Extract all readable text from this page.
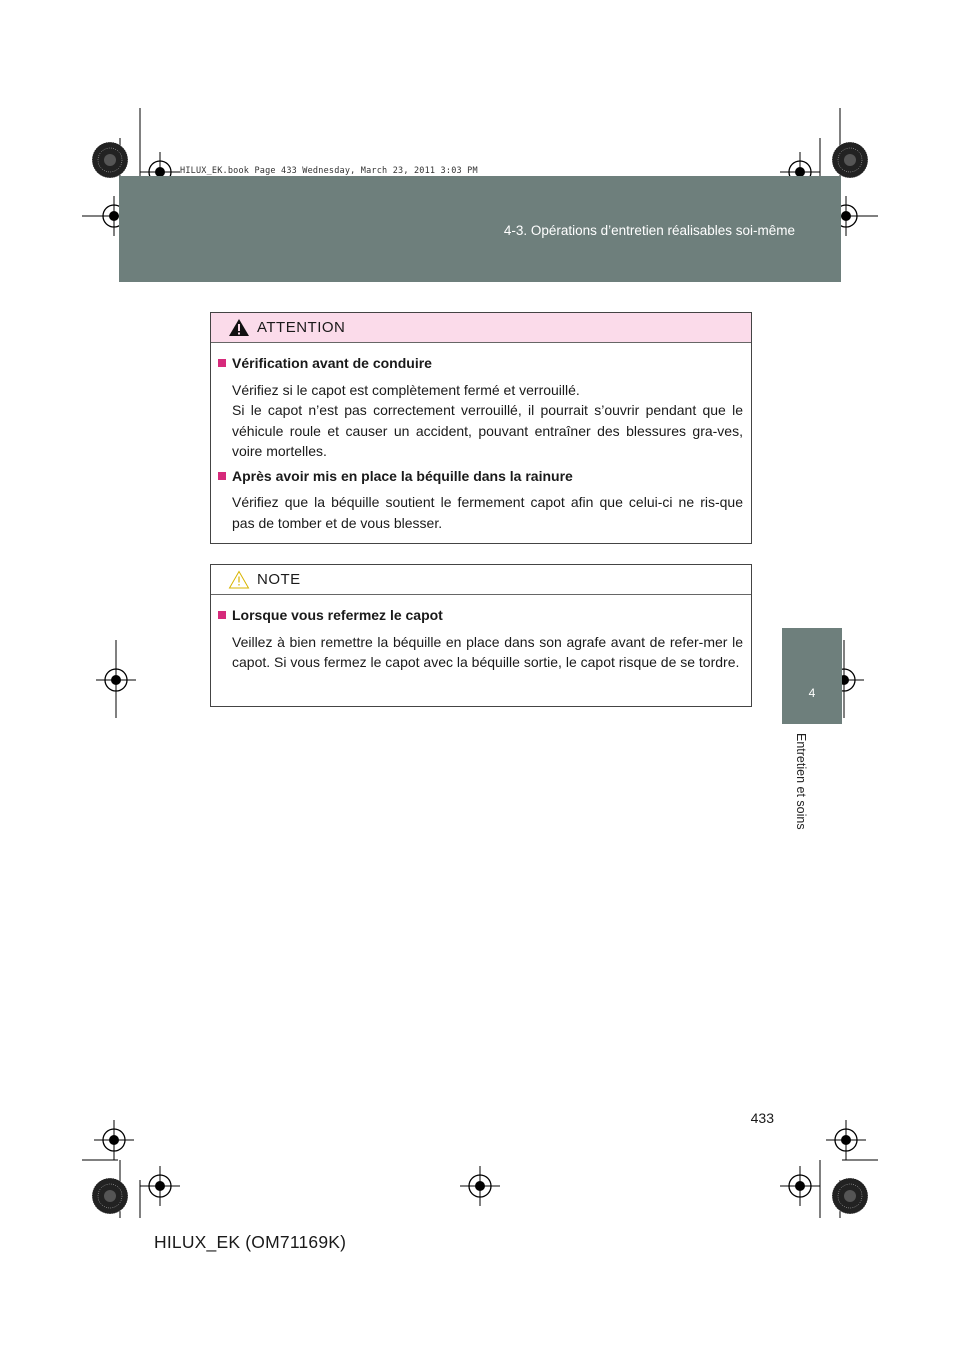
4-3. Opérations d’entretien réalisables soi-même
HILUX_EK.book Page 433 Wednesday, March 23, 2011 3:03 PM
4
Entretien et soins
ATTENTION
Vérification avant de conduire

Vérifiez si le capot est complètement fermé et verrouillé.

Si le capot n’est pas correctement verrouillé, il pourrait s’ouvrir pendant que le véhicule roule et causer un accident, pouvant entraîner des blessures gra-ves, voire mortelles.

Après avoir mis en place la béquille dans la rainure

Vérifiez que la béquille soutient le fermement capot afin que celui-ci ne ris-que pas de tomber et de vous blesser.

NOTE
Lorsque vous refermez le capot

Veillez à bien remettre la béquille en place dans son agrafe avant de refer-mer le capot. Si vous fermez le capot avec la béquille sortie, le capot risque de se tordre.

433
HILUX_EK (OM71169K)
